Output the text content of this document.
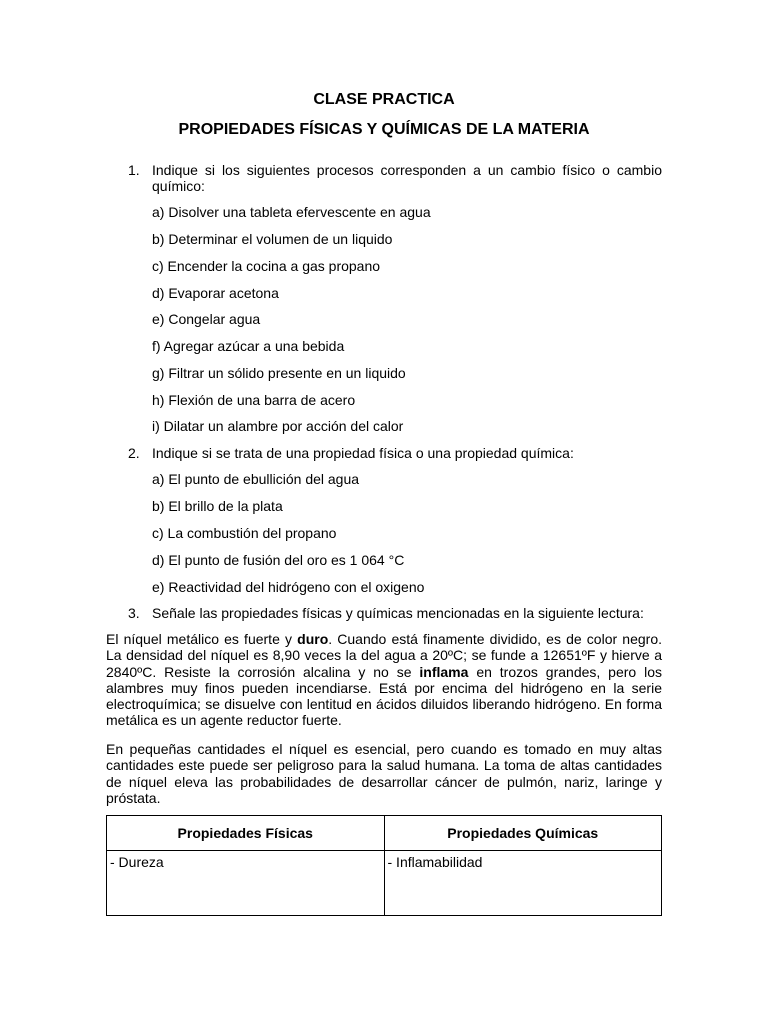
CLASE PRACTICA
PROPIEDADES FÍSICAS Y QUÍMICAS DE LA MATERIA
1. Indique si los siguientes procesos corresponden a un cambio físico o cambio químico:

a) Disolver una tableta efervescente en agua

b) Determinar el volumen de un liquido

c) Encender la cocina a gas propano

d) Evaporar acetona

e) Congelar agua

f) Agregar azúcar a una bebida

g) Filtrar un sólido presente en un liquido

h) Flexión de una barra de acero

i) Dilatar un alambre por acción del calor

2. Indique si se trata de una propiedad física o una propiedad química:

a) El punto de ebullición del agua

b) El brillo de la plata

c) La combustión del propano

d) El punto de fusión del oro es 1 064 °C

e) Reactividad del hidrógeno con el oxigeno

3. Señale las propiedades físicas y químicas mencionadas en la siguiente lectura:

El níquel metálico es fuerte y duro. Cuando está finamente dividido, es de color negro. La densidad del níquel es 8,90 veces la del agua a 20ºC; se funde a 12651ºF y hierve a 2840ºC. Resiste la corrosión alcalina y no se inflama en trozos grandes, pero los alambres muy finos pueden incendiarse. Está por encima del hidrógeno en la serie electroquímica; se disuelve con lentitud en ácidos diluidos liberando hidrógeno. En forma metálica es un agente reductor fuerte.

En pequeñas cantidades el níquel es esencial, pero cuando es tomado en muy altas cantidades este puede ser peligroso para la salud humana. La toma de altas cantidades de níquel eleva las probabilidades de desarrollar cáncer de pulmón, nariz, laringe y próstata.

Propiedades Físicas	Propiedades Químicas
- Dureza	- Inflamabilidad
